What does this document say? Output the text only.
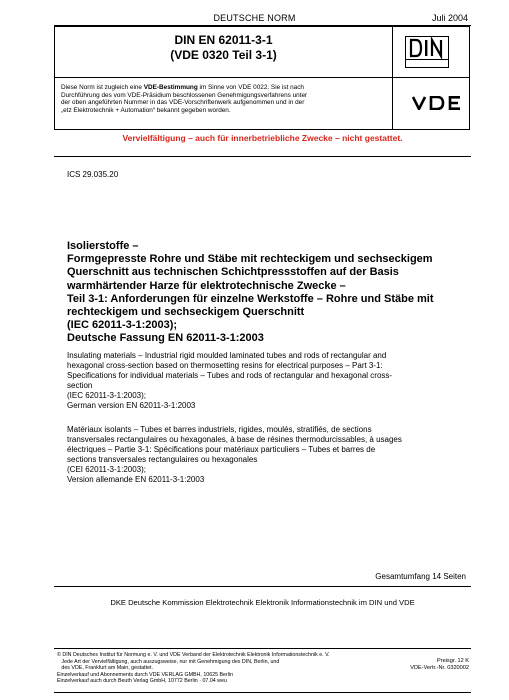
DEUTSCHE NORM	Juli 2004
DIN EN 62011-3-1
(VDE 0320 Teil 3-1)
Diese Norm ist zugleich eine VDE-Bestimmung im Sinne von VDE 0022. Sie ist nach
Durchführung des vom VDE-Präsidium beschlossenen Genehmigungsverfahrens unter
der oben angeführten Nummer in das VDE-Vorschriftenwerk aufgenommen und in der
„etz Elektrotechnik + Automation“ bekannt gegeben worden.
Vervielfältigung – auch für innerbetriebliche Zwecke – nicht gestattet.
ICS 29.035.20
Isolierstoffe –
Formgepresste Rohre und Stäbe mit rechteckigem und sechseckigem
Querschnitt aus technischen Schichtpressstoffen auf der Basis
warmhärtender Harze für elektrotechnische Zwecke –
Teil 3-1: Anforderungen für einzelne Werkstoffe – Rohre und Stäbe mit
rechteckigem und sechseckigem Querschnitt
(IEC 62011-3-1:2003);
Deutsche Fassung EN 62011-3-1:2003
Insulating materials – Industrial rigid moulded laminated tubes and rods of rectangular and
hexagonal cross-section based on thermosetting resins for electrical purposes – Part 3-1:
Specifications for individual materials – Tubes and rods of rectangular and hexagonal cross-
section
(IEC 62011-3-1:2003);
German version EN 62011-3-1:2003
Matériaux isolants – Tubes et barres industriels, rigides, moulés, stratifiés, de sections
transversales rectangulaires ou hexagonales, à base de résines thermodurcissables, à usages
électriques – Partie 3-1: Spécifications pour matériaux particuliers – Tubes et barres de
sections transversales rectangulaires ou hexagonales
(CEI 62011-3-1:2003);
Version allemande EN 62011-3-1:2003
Gesamtumfang 14 Seiten
DKE Deutsche Kommission Elektrotechnik Elektronik Informationstechnik im DIN und VDE
© DIN Deutsches Institut für Normung e. V. und VDE Verband der Elektrotechnik Elektronik Informationstechnik e. V.
Jede Art der Vervielfältigung, auch auszugsweise, nur mit Genehmigung des DIN, Berlin, und
des VDE, Frankfurt am Main, gestattet.
Einzelverkauf und Abonnements durch VDE VERLAG GMBH, 10625 Berlin
Einzelverkauf auch durch Beuth Verlag GmbH, 10772 Berlin · 07.04 weu
Preisgr. 12 K
VDE-Vertr.-Nr. 0320002
